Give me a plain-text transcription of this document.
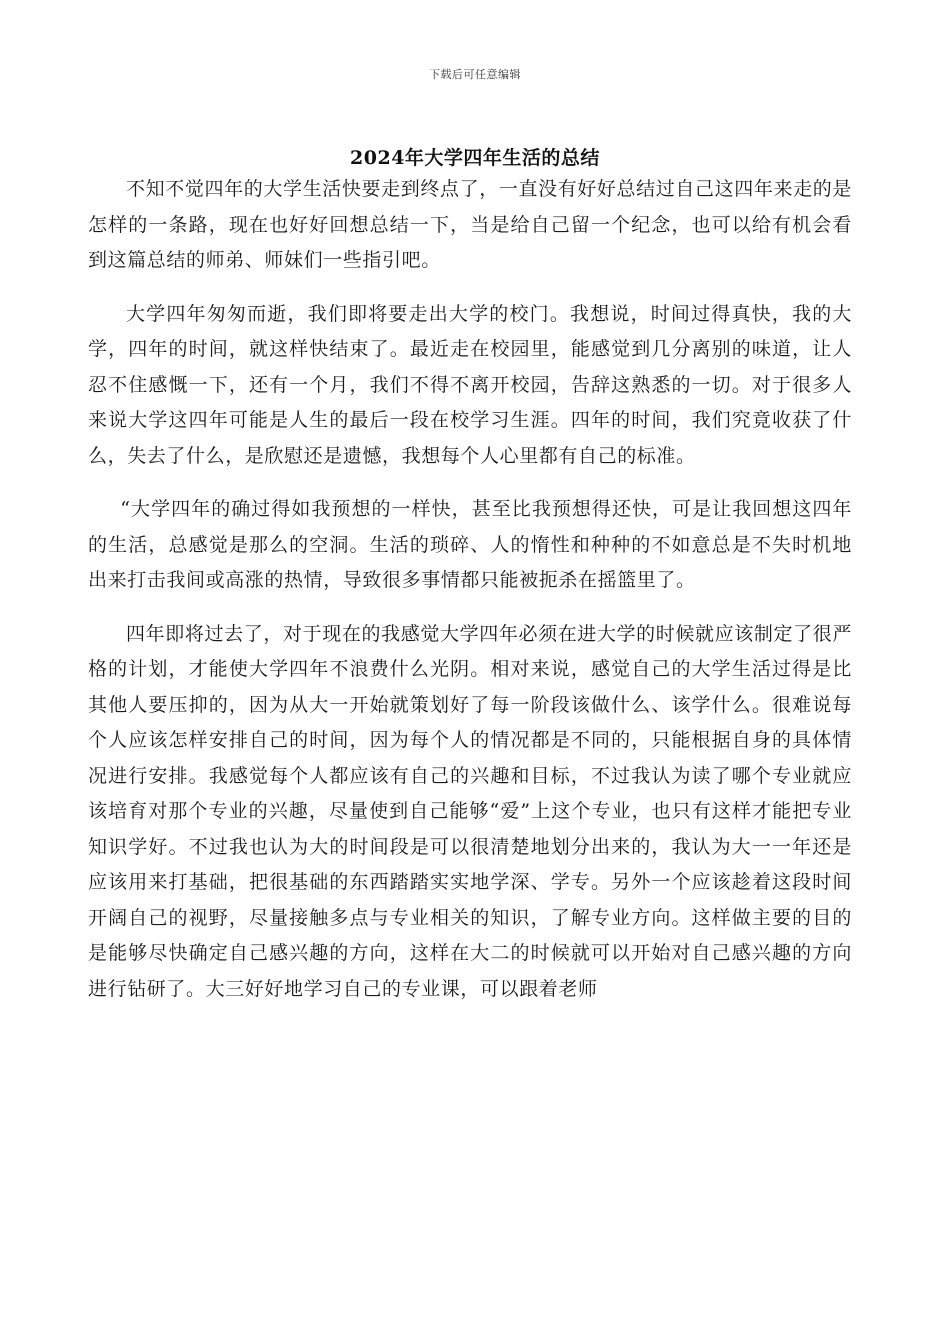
下载后可任意编辑
2024年大学四年生活的总结

不知不觉四年的大学生活快要走到终点了，一直没有好好总结过自己这四年来走的是怎样的一条路，现在也好好回想总结一下，当是给自己留一个纪念，也可以给有机会看到这篇总结的师弟、师妹们一些指引吧。

大学四年匆匆而逝，我们即将要走出大学的校门。我想说，时间过得真快，我的大学，四年的时间，就这样快结束了。最近走在校园里，能感觉到几分离别的味道，让人忍不住感慨一下，还有一个月，我们不得不离开校园，告辞这熟悉的一切。对于很多人来说大学这四年可能是人生的最后一段在校学习生涯。四年的时间，我们究竟收获了什么，失去了什么，是欣慰还是遗憾，我想每个人心里都有自己的标准。

“大学四年的确过得如我预想的一样快，甚至比我预想得还快，可是让我回想这四年的生活，总感觉是那么的空洞。生活的琐碎、人的惰性和种种的不如意总是不失时机地出来打击我间或高涨的热情，导致很多事情都只能被扼杀在摇篮里了。

四年即将过去了，对于现在的我感觉大学四年必须在进大学的时候就应该制定了很严格的计划，才能使大学四年不浪费什么光阴。相对来说，感觉自己的大学生活过得是比其他人要压抑的，因为从大一开始就策划好了每一阶段该做什么、该学什么。很难说每个人应该怎样安排自己的时间，因为每个人的情况都是不同的，只能根据自身的具体情况进行安排。我感觉每个人都应该有自己的兴趣和目标，不过我认为读了哪个专业就应该培育对那个专业的兴趣，尽量使到自己能够“爱”上这个专业，也只有这样才能把专业知识学好。不过我也认为大的时间段是可以很清楚地划分出来的，我认为大一一年还是应该用来打基础，把很基础的东西踏踏实实地学深、学专。另外一个应该趁着这段时间开阔自己的视野，尽量接触多点与专业相关的知识，了解专业方向。这样做主要的目的是能够尽快确定自己感兴趣的方向，这样在大二的时候就可以开始对自己感兴趣的方向进行钻研了。大三好好地学习自己的专业课，可以跟着老师
